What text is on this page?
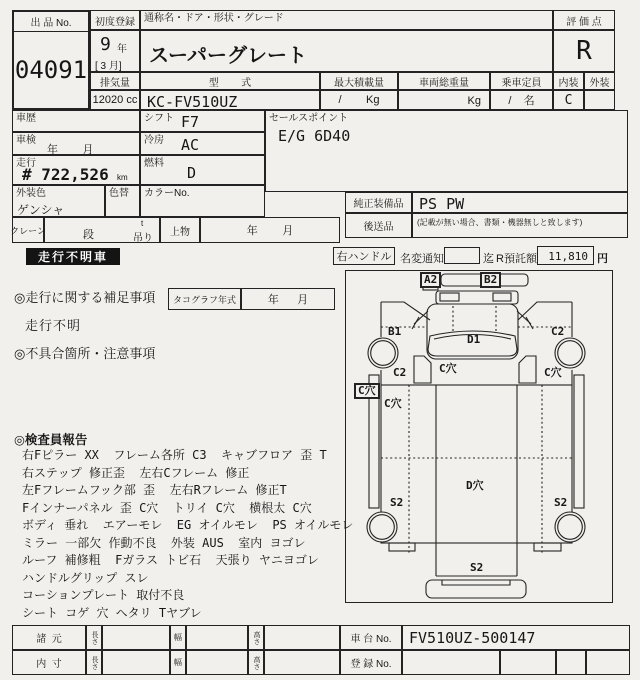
出 品 No.
04091
初度登録
9 年
[ 3 月]
通称名・ドア・形状・グレード
スーパーグレート
排気量
12020 cc
型        式
KC-FV510UZ
最大積載量
/        Kg
車両総重量
Kg
乗車定員
/    名
評 価 点
R
内装	外装
C
車歴	シフト F7
車検
年        月
冷房 AC
走行
# 722,526 km
燃料
D
外装色
ゲンシャ
色替	カラーNo.
クレーン	段
t
吊り
上物	年        月
セールスポイント
E/G 6D40
純正装備品	PS PW
後送品	(記載が無い場合、書類・機器無しと致します)
走行不明車	右ハンドル 名変通知	迄 R預託額 11,810 円
◎走行に関する補足事項	タコグラフ年式	年      月
走行不明
◎不具合箇所・注意事項
◎検査員報告
右Fピラー XX  フレーム各所 C3  キャブフロア 歪 T
右ステップ 修正歪  左右Cフレーム 修正
左Fフレームフック部 歪  左右Rフレーム 修正T
Fインナーパネル 歪 C穴  トリイ C穴  横根太 C穴
ボディ 垂れ  エアーモレ  EG オイルモレ  PS オイルモレ
ミラー 一部欠 作動不良  外装 AUS  室内 ヨゴレ
ルーフ 補修粗  Fガラス トビ石  天張り ヤニヨゴレ
ハンドルグリップ スレ
コーションプレート 取付不良
シート コゲ 穴 ヘタリ Tヤブレ
A2	B2
B1	C2
D1
C2	C穴	C穴
C穴
C穴
S2	S2
D穴
S2
諸  元	長さ	幅	高さ
内  寸	長さ	幅	高さ
車 台 No.	FV510UZ-500147
登 録 No.
